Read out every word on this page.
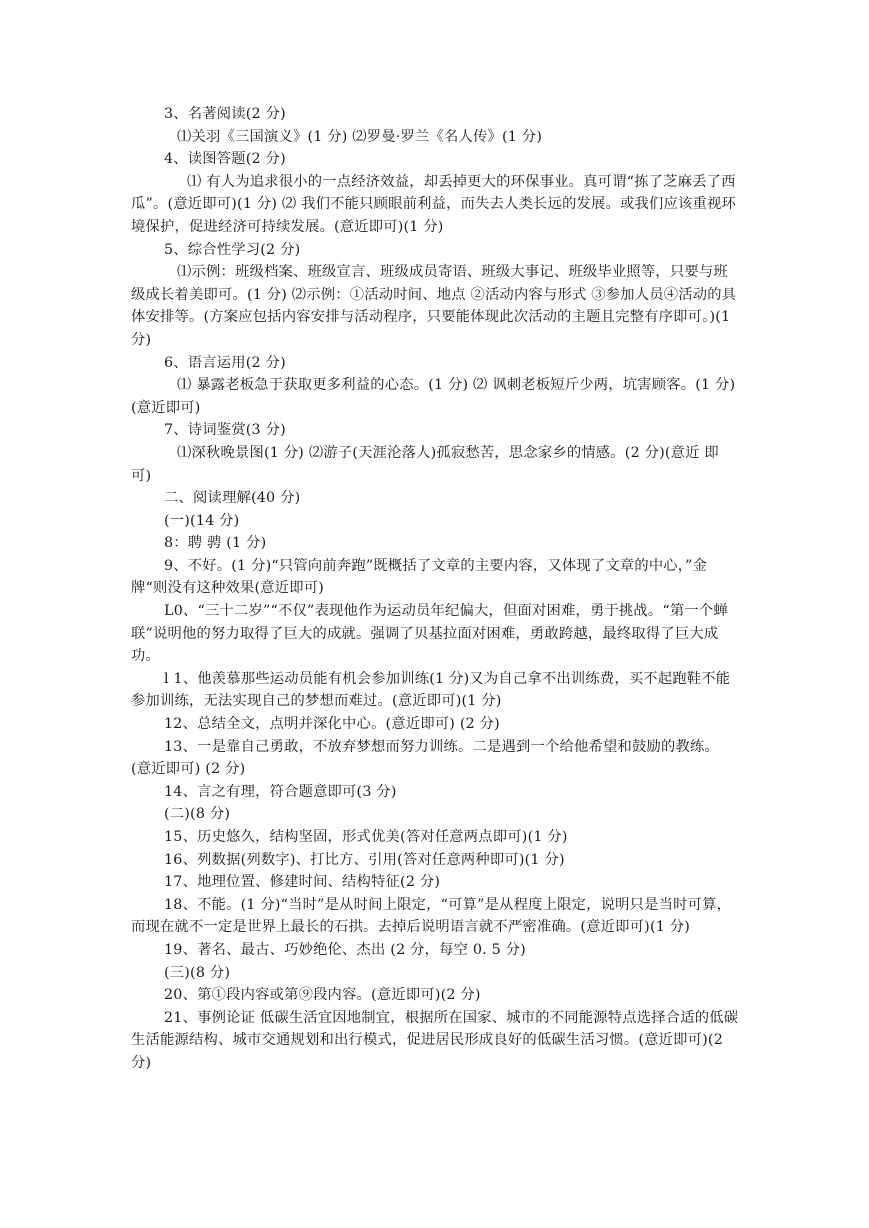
3、名著阅读(2 分)

⑴关羽《三国演义》(1 分) ⑵罗曼·罗兰《名人传》(1 分)

4、读图答题(2 分)

⑴ 有人为追求很小的一点经济效益，却丢掉更大的环保事业。真可谓“拣了芝麻丢了西瓜”。(意近即可)(1 分) ⑵ 我们不能只顾眼前利益，而失去人类长远的发展。或我们应该重视环境保护，促进经济可持续发展。(意近即可)(1 分)

5、综合性学习(2 分)

⑴示例：班级档案、班级宣言、班级成员寄语、班级大事记、班级毕业照等，只要与班级成长着美即可。(1 分) ⑵示例：①活动时间、地点 ②活动内容与形式 ③参加人员④活动的具体安排等。(方案应包括内容安排与活动程序，只要能体现此次活动的主题且完整有序即可。)(1 分)

6、语言运用(2 分)

⑴ 暴露老板急于获取更多利益的心态。(1 分) ⑵ 讽刺老板短斤少两，坑害顾客。(1 分)(意近即可)

7、诗词鉴赏(3 分)

⑴深秋晚景图(1 分) ⑵游子(天涯沦落人)孤寂愁苦，思念家乡的情感。(2 分)(意近 即可)

二、阅读理解(40 分)

(一)(14 分)

8：聘 骋 (1 分)

9、不好。(1 分)“只管向前奔跑”既概括了文章的主要内容，又体现了文章的中心，”金牌“则没有这种效果(意近即可)

L0、“三十二岁”“不仅”表现他作为运动员年纪偏大，但面对困难，勇于挑战。“第一个蝉联”说明他的努力取得了巨大的成就。强调了贝基拉面对困难，勇敢跨越，最终取得了巨大成功。

l 1、他羡慕那些运动员能有机会参加训练(1 分)又为自己拿不出训练费，买不起跑鞋不能参加训练，无法实现自己的梦想而难过。(意近即可)(1 分)

12、总结全文，点明并深化中心。(意近即可) (2 分)

13、一是靠自己勇敢，不放弃梦想而努力训练。二是遇到一个给他希望和鼓励的教练。(意近即可) (2 分)

14、言之有理，符合题意即可(3 分)

(二)(8 分)

15、历史悠久，结构坚固，形式优美(答对任意两点即可)(1 分)

16、列数据(列数字)、打比方、引用(答对任意两种即可)(1 分)

17、地理位置、修建时间、结构特征(2 分)

18、不能。(1 分)“当时”是从时间上限定，“可算”是从程度上限定，说明只是当时可算，而现在就不一定是世界上最长的石拱。去掉后说明语言就不严密准确。(意近即可)(1 分)

19、著名、最古、巧妙绝伦、杰出 (2 分，每空 0. 5 分)

(三)(8 分)

20、第①段内容或第⑨段内容。(意近即可)(2 分)

21、事例论证 低碳生活宜因地制宜，根据所在国家、城市的不同能源特点选择合适的低碳生活能源结构、城市交通规划和出行模式，促进居民形成良好的低碳生活习惯。(意近即可)(2 分)
